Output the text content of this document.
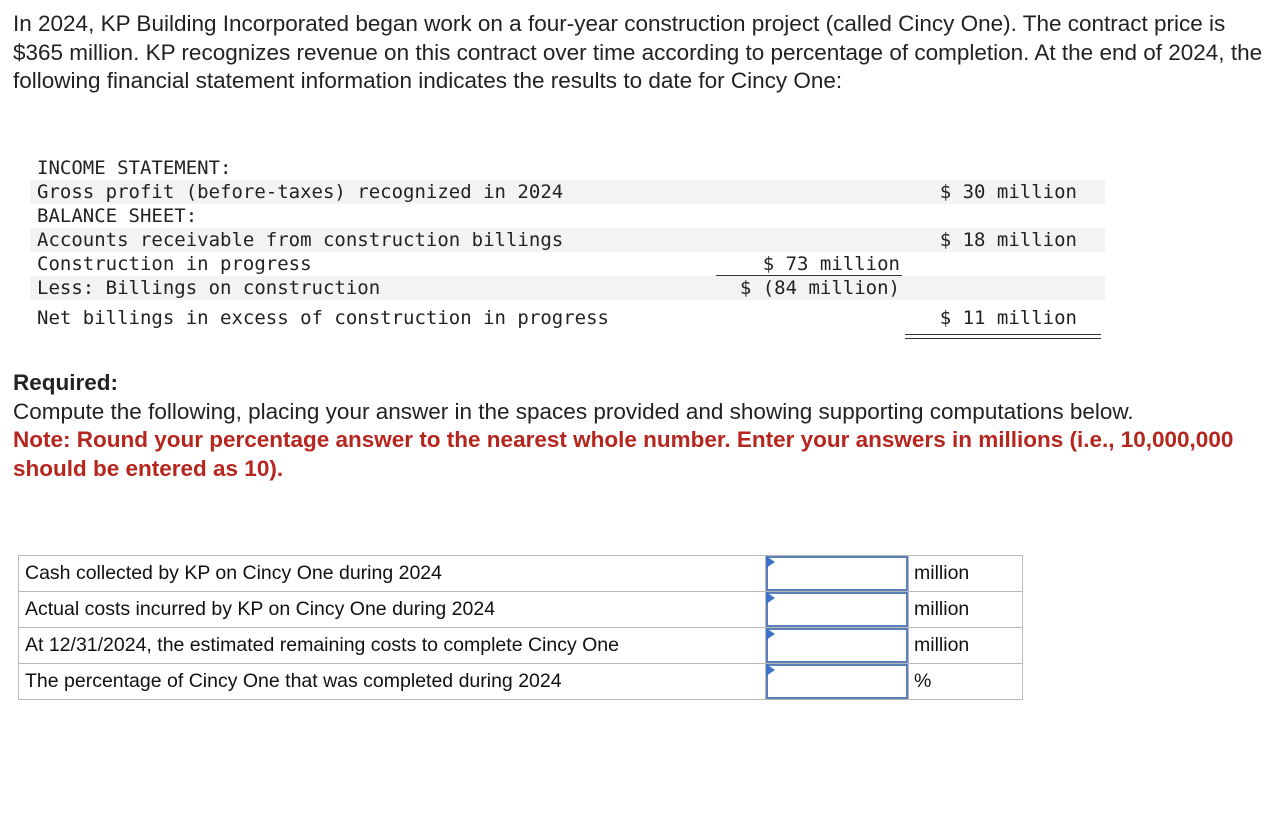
In 2024, KP Building Incorporated began work on a four-year construction project (called Cincy One). The contract price is $365 million. KP recognizes revenue on this contract over time according to percentage of completion. At the end of 2024, the following financial statement information indicates the results to date for Cincy One:

INCOME STATEMENT:
Gross profit (before-taxes) recognized in 2024	$ 30 million
BALANCE SHEET:
Accounts receivable from construction billings	$ 18 million
Construction in progress	$ 73 million
Less: Billings on construction	$ (84 million)
Net billings in excess of construction in progress	$ 11 million
Required:
Compute the following, placing your answer in the spaces provided and showing supporting computations below.
Note: Round your percentage answer to the nearest whole number. Enter your answers in millions (i.e., 10,000,000 should be entered as 10).
Cash collected by KP on Cincy One during 2024		million
Actual costs incurred by KP on Cincy One during 2024		million
At 12/31/2024, the estimated remaining costs to complete Cincy One		million
The percentage of Cincy One that was completed during 2024		%
